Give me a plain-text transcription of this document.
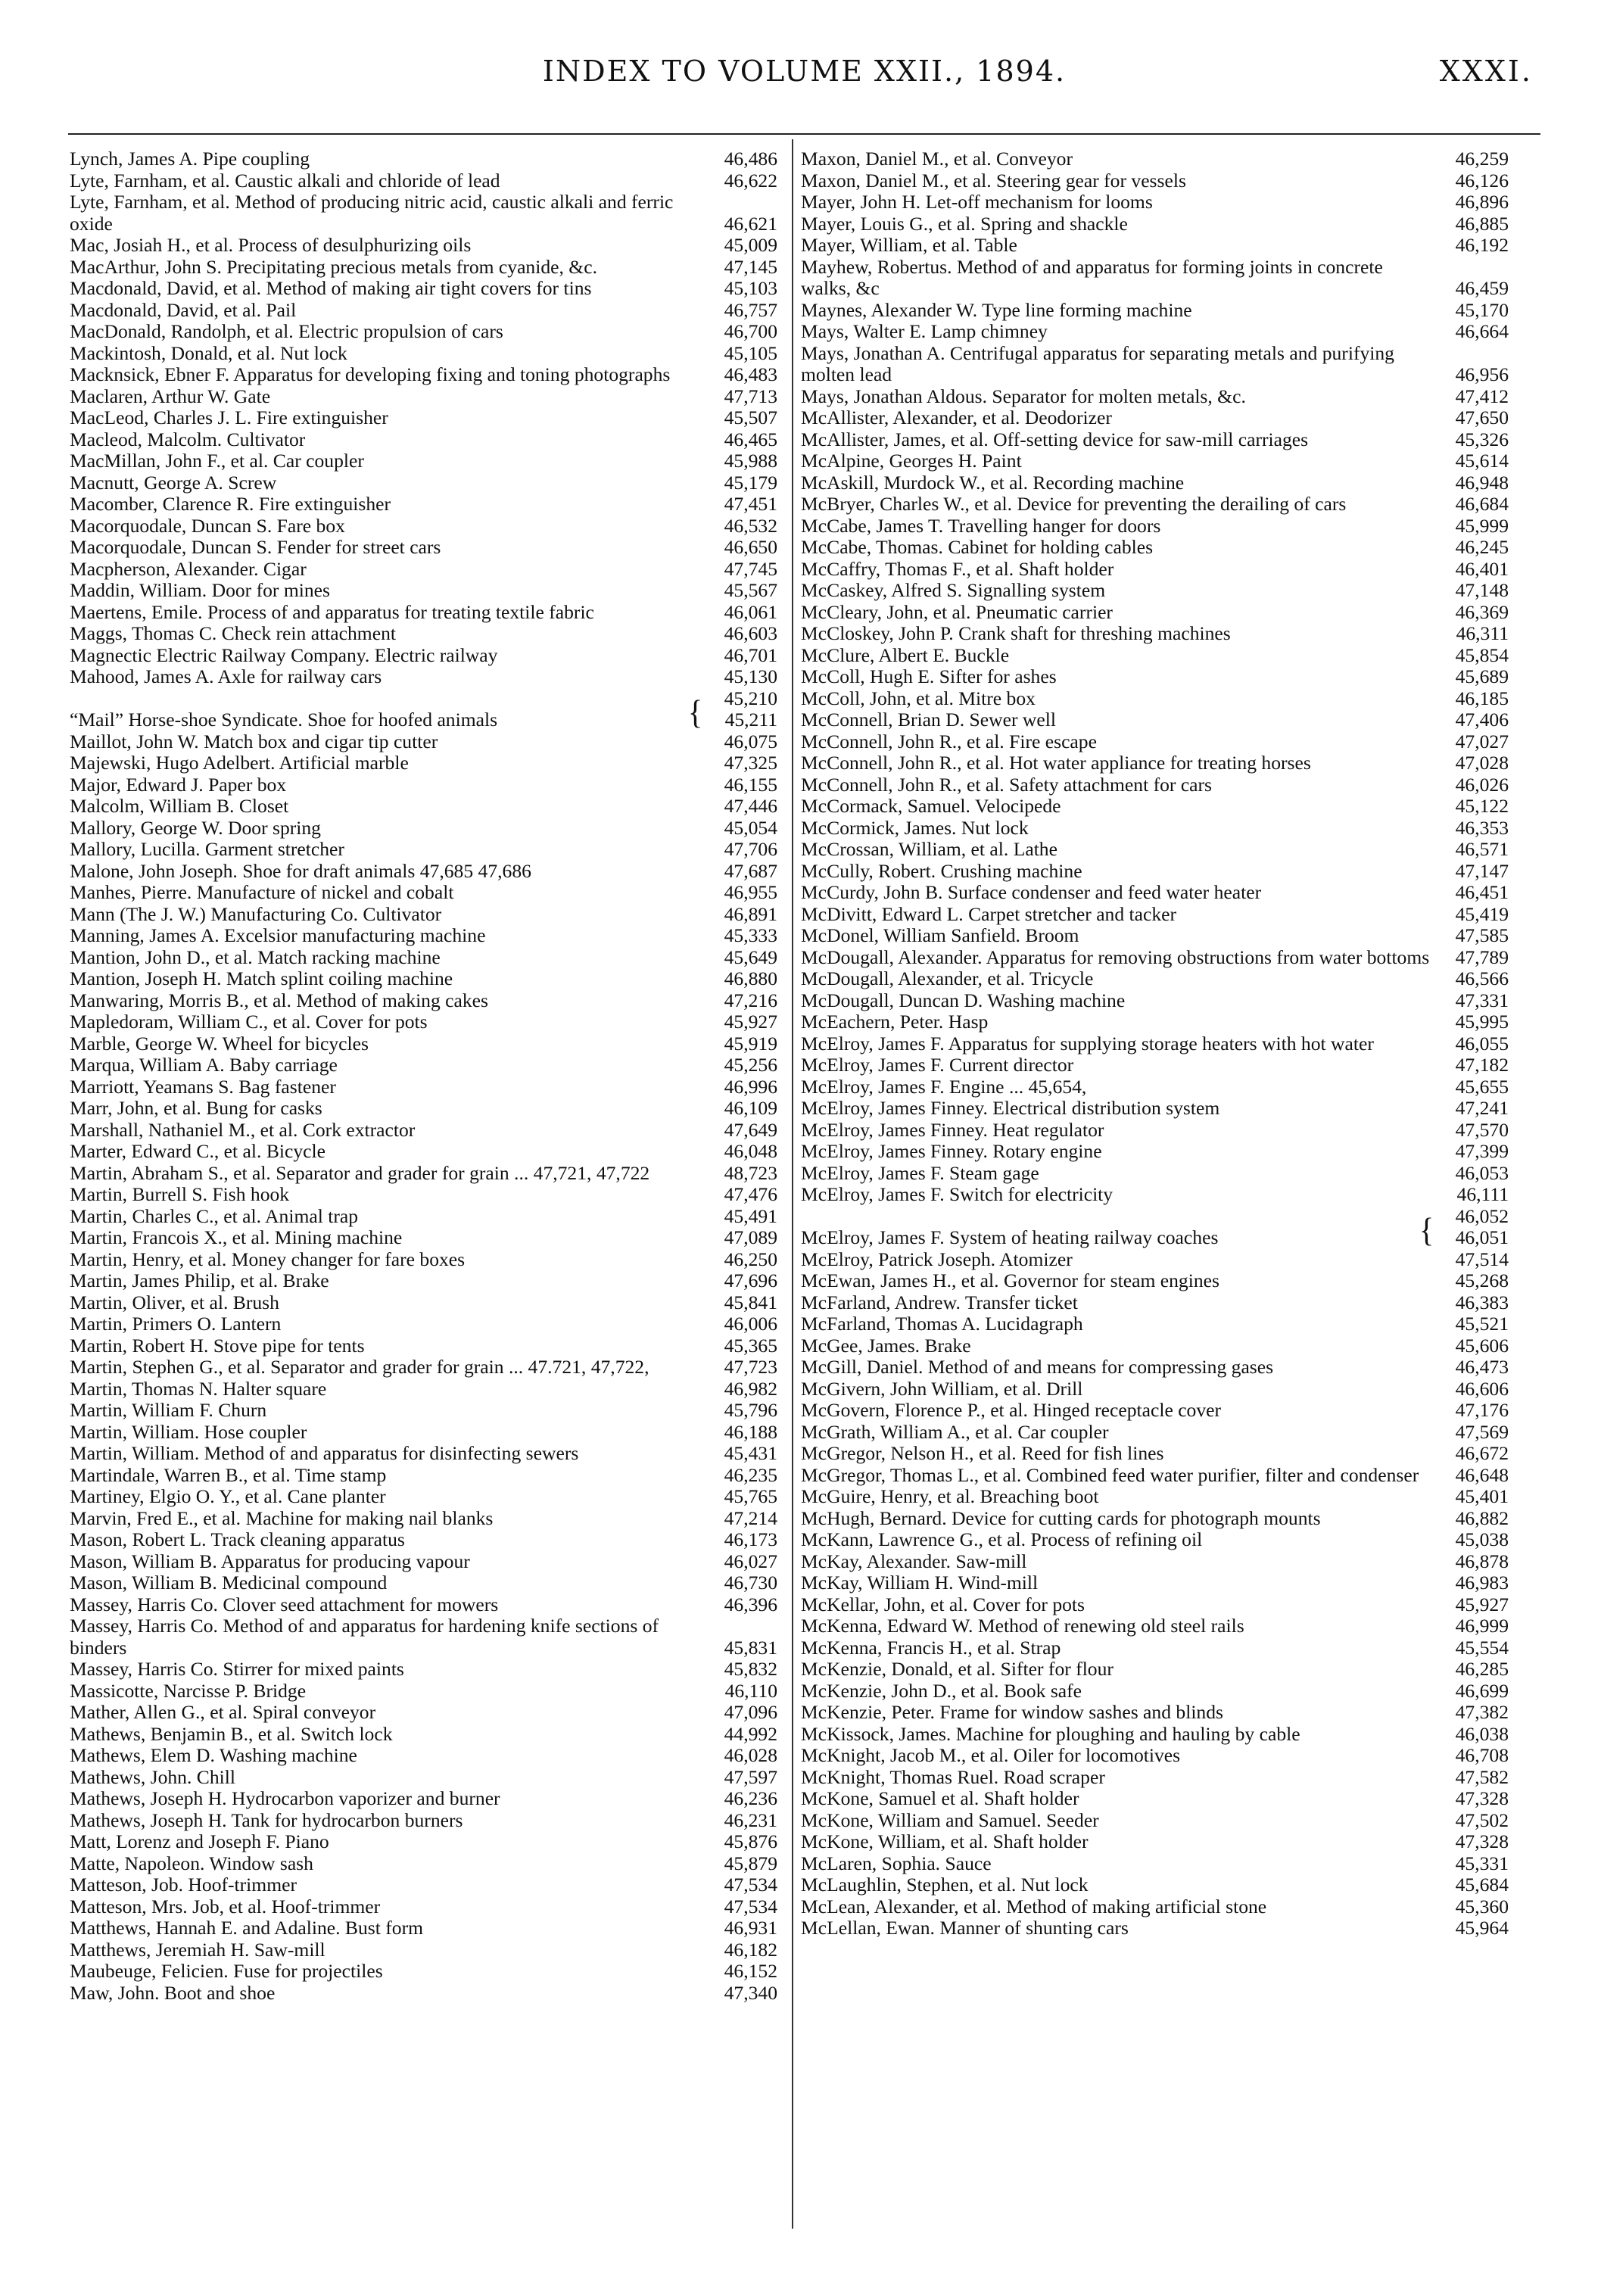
INDEX TO VOLUME XXII., 1894.	XXXI.
Lynch, James A. Pipe coupling	46,486
Lyte, Farnham, et al. Caustic alkali and chloride of lead	46,622
Lyte, Farnham, et al. Method of producing nitric acid, caustic alkali and ferric oxide	46,621
Mac, Josiah H., et al. Process of desulphurizing oils	45,009
MacArthur, John S. Precipitating precious metals from cyanide, &c.	47,145
Macdonald, David, et al. Method of making air tight covers for tins	45,103
Macdonald, David, et al. Pail	46,757
MacDonald, Randolph, et al. Electric propulsion of cars	46,700
Mackintosh, Donald, et al. Nut lock	45,105
Macknsick, Ebner F. Apparatus for developing fixing and toning photographs	46,483
Maclaren, Arthur W. Gate	47,713
MacLeod, Charles J. L. Fire extinguisher	45,507
Macleod, Malcolm. Cultivator	46,465
MacMillan, John F., et al. Car coupler	45,988
Macnutt, George A. Screw	45,179
Macomber, Clarence R. Fire extinguisher	47,451
Macorquodale, Duncan S. Fare box	46,532
Macorquodale, Duncan S. Fender for street cars	46,650
Macpherson, Alexander. Cigar	47,745
Maddin, William. Door for mines	45,567
Maertens, Emile. Process of and apparatus for treating textile fabric	46,061
Maggs, Thomas C. Check rein attachment	46,603
Magnectic Electric Railway Company. Electric railway	46,701
Mahood, James A. Axle for railway cars	45,130
“Mail” Horse-shoe Syndicate. Shoe for hoofed animals	{	45,210
45,211
Maillot, John W. Match box and cigar tip cutter	46,075
Majewski, Hugo Adelbert. Artificial marble	47,325
Major, Edward J. Paper box	46,155
Malcolm, William B. Closet	47,446
Mallory, George W. Door spring	45,054
Mallory, Lucilla. Garment stretcher	47,706
Malone, John Joseph. Shoe for draft animals 47,685 47,686	47,687
Manhes, Pierre. Manufacture of nickel and cobalt	46,955
Mann (The J. W.) Manufacturing Co. Cultivator	46,891
Manning, James A. Excelsior manufacturing machine	45,333
Mantion, John D., et al. Match racking machine	45,649
Mantion, Joseph H. Match splint coiling machine	46,880
Manwaring, Morris B., et al. Method of making cakes	47,216
Mapledoram, William C., et al. Cover for pots	45,927
Marble, George W. Wheel for bicycles	45,919
Marqua, William A. Baby carriage	45,256
Marriott, Yeamans S. Bag fastener	46,996
Marr, John, et al. Bung for casks	46,109
Marshall, Nathaniel M., et al. Cork extractor	47,649
Marter, Edward C., et al. Bicycle	46,048
Martin, Abraham S., et al. Separator and grader for grain ... 47,721, 47,722	48,723
Martin, Burrell S. Fish hook	47,476
Martin, Charles C., et al. Animal trap	45,491
Martin, Francois X., et al. Mining machine	47,089
Martin, Henry, et al. Money changer for fare boxes	46,250
Martin, James Philip, et al. Brake	47,696
Martin, Oliver, et al. Brush	45,841
Martin, Primers O. Lantern	46,006
Martin, Robert H. Stove pipe for tents	45,365
Martin, Stephen G., et al. Separator and grader for grain ... 47.721, 47,722,	47,723
Martin, Thomas N. Halter square	46,982
Martin, William F. Churn	45,796
Martin, William. Hose coupler	46,188
Martin, William. Method of and apparatus for disinfecting sewers	45,431
Martindale, Warren B., et al. Time stamp	46,235
Martiney, Elgio O. Y., et al. Cane planter	45,765
Marvin, Fred E., et al. Machine for making nail blanks	47,214
Mason, Robert L. Track cleaning apparatus	46,173
Mason, William B. Apparatus for producing vapour	46,027
Mason, William B. Medicinal compound	46,730
Massey, Harris Co. Clover seed attachment for mowers	46,396
Massey, Harris Co. Method of and apparatus for hardening knife sections of binders	45,831
Massey, Harris Co. Stirrer for mixed paints	45,832
Massicotte, Narcisse P. Bridge	46,110
Mather, Allen G., et al. Spiral conveyor	47,096
Mathews, Benjamin B., et al. Switch lock	44,992
Mathews, Elem D. Washing machine	46,028
Mathews, John. Chill	47,597
Mathews, Joseph H. Hydrocarbon vaporizer and burner	46,236
Mathews, Joseph H. Tank for hydrocarbon burners	46,231
Matt, Lorenz and Joseph F. Piano	45,876
Matte, Napoleon. Window sash	45,879
Matteson, Job. Hoof-trimmer	47,534
Matteson, Mrs. Job, et al. Hoof-trimmer	47,534
Matthews, Hannah E. and Adaline. Bust form	46,931
Matthews, Jeremiah H. Saw-mill	46,182
Maubeuge, Felicien. Fuse for projectiles	46,152
Maw, John. Boot and shoe	47,340
Maxon, Daniel M., et al. Conveyor	46,259
Maxon, Daniel M., et al. Steering gear for vessels	46,126
Mayer, John H. Let-off mechanism for looms	46,896
Mayer, Louis G., et al. Spring and shackle	46,885
Mayer, William, et al. Table	46,192
Mayhew, Robertus. Method of and apparatus for forming joints in concrete walks, &c	46,459
Maynes, Alexander W. Type line forming machine	45,170
Mays, Walter E. Lamp chimney	46,664
Mays, Jonathan A. Centrifugal apparatus for separating metals and purifying molten lead	46,956
Mays, Jonathan Aldous. Separator for molten metals, &c.	47,412
McAllister, Alexander, et al. Deodorizer	47,650
McAllister, James, et al. Off-setting device for saw-mill carriages	45,326
McAlpine, Georges H. Paint	45,614
McAskill, Murdock W., et al. Recording machine	46,948
McBryer, Charles W., et al. Device for preventing the derailing of cars	46,684
McCabe, James T. Travelling hanger for doors	45,999
McCabe, Thomas. Cabinet for holding cables	46,245
McCaffry, Thomas F., et al. Shaft holder	46,401
McCaskey, Alfred S. Signalling system	47,148
McCleary, John, et al. Pneumatic carrier	46,369
McCloskey, John P. Crank shaft for threshing machines	46,311
McClure, Albert E. Buckle	45,854
McColl, Hugh E. Sifter for ashes	45,689
McColl, John, et al. Mitre box	46,185
McConnell, Brian D. Sewer well	47,406
McConnell, John R., et al. Fire escape	47,027
McConnell, John R., et al. Hot water appliance for treating horses	47,028
McConnell, John R., et al. Safety attachment for cars	46,026
McCormack, Samuel. Velocipede	45,122
McCormick, James. Nut lock	46,353
McCrossan, William, et al. Lathe	46,571
McCully, Robert. Crushing machine	47,147
McCurdy, John B. Surface condenser and feed water heater	46,451
McDivitt, Edward L. Carpet stretcher and tacker	45,419
McDonel, William Sanfield. Broom	47,585
McDougall, Alexander. Apparatus for removing obstructions from water bottoms	47,789
McDougall, Alexander, et al. Tricycle	46,566
McDougall, Duncan D. Washing machine	47,331
McEachern, Peter. Hasp	45,995
McElroy, James F. Apparatus for supplying storage heaters with hot water	46,055
McElroy, James F. Current director	47,182
McElroy, James F. Engine ... 45,654,	45,655
McElroy, James Finney. Electrical distribution system	47,241
McElroy, James Finney. Heat regulator	47,570
McElroy, James Finney. Rotary engine	47,399
McElroy, James F. Steam gage	46,053
McElroy, James F. Switch for electricity	46,111
McElroy, James F. System of heating railway coaches	{	46,052
46,051
McElroy, Patrick Joseph. Atomizer	47,514
McEwan, James H., et al. Governor for steam engines	45,268
McFarland, Andrew. Transfer ticket	46,383
McFarland, Thomas A. Lucidagraph	45,521
McGee, James. Brake	45,606
McGill, Daniel. Method of and means for compressing gases	46,473
McGivern, John William, et al. Drill	46,606
McGovern, Florence P., et al. Hinged receptacle cover	47,176
McGrath, William A., et al. Car coupler	47,569
McGregor, Nelson H., et al. Reed for fish lines	46,672
McGregor, Thomas L., et al. Combined feed water purifier, filter and condenser	46,648
McGuire, Henry, et al. Breaching boot	45,401
McHugh, Bernard. Device for cutting cards for photograph mounts	46,882
McKann, Lawrence G., et al. Process of refining oil	45,038
McKay, Alexander. Saw-mill	46,878
McKay, William H. Wind-mill	46,983
McKellar, John, et al. Cover for pots	45,927
McKenna, Edward W. Method of renewing old steel rails	46,999
McKenna, Francis H., et al. Strap	45,554
McKenzie, Donald, et al. Sifter for flour	46,285
McKenzie, John D., et al. Book safe	46,699
McKenzie, Peter. Frame for window sashes and blinds	47,382
McKissock, James. Machine for ploughing and hauling by cable	46,038
McKnight, Jacob M., et al. Oiler for locomotives	46,708
McKnight, Thomas Ruel. Road scraper	47,582
McKone, Samuel et al. Shaft holder	47,328
McKone, William and Samuel. Seeder	47,502
McKone, William, et al. Shaft holder	47,328
McLaren, Sophia. Sauce	45,331
McLaughlin, Stephen, et al. Nut lock	45,684
McLean, Alexander, et al. Method of making artificial stone	45,360
McLellan, Ewan. Manner of shunting cars	45,964
